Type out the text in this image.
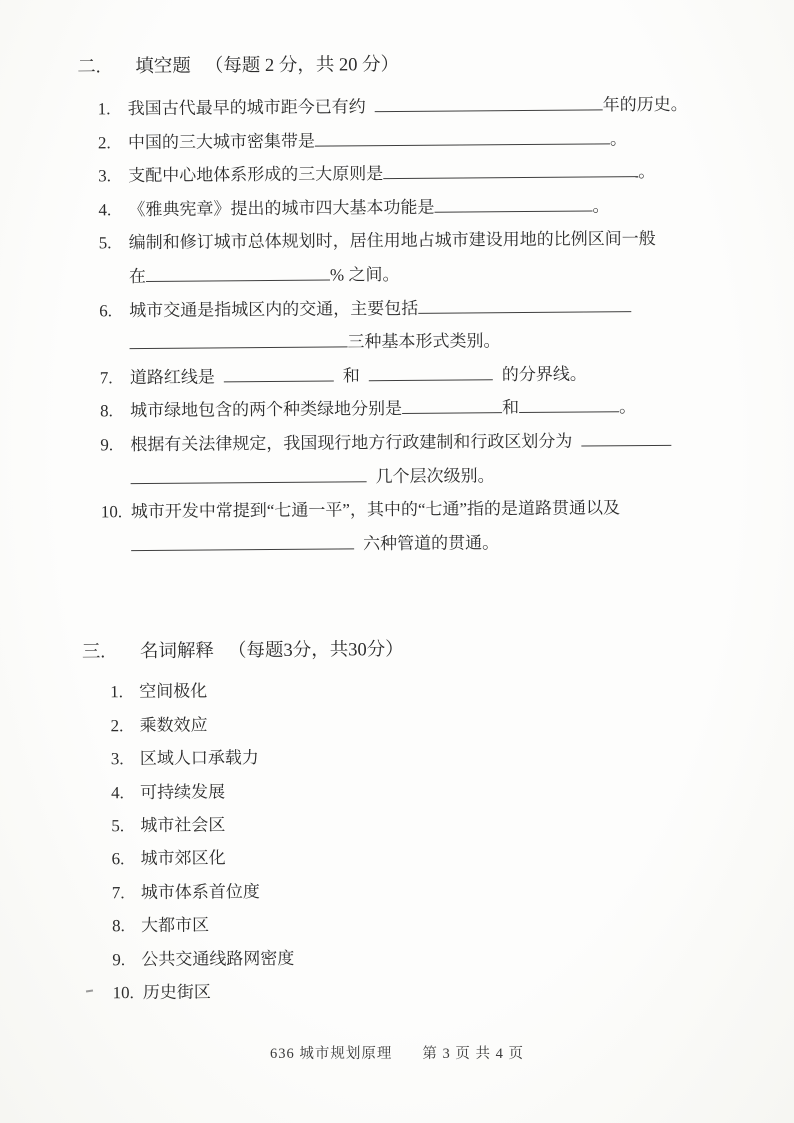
二.	填空题 （每题 2 分，共 20 分）
1.	我国古代最早的城市距今已有约	年的历史。
2.	中国的三大城市密集带是	。
3.	支配中心地体系形成的三大原则是	。
4.	《雅典宪章》提出的城市四大基本功能是	。
5.	编制和修订城市总体规划时，居住用地占城市建设用地的比例区间一般
在	% 之间。
6.	城市交通是指城区内的交通，主要包括
三种基本形式类别。
7.	道路红线是	和	的分界线。
8.	城市绿地包含的两个种类绿地分别是	和	。
9.	根据有关法律规定，我国现行地方行政建制和行政区划分为
几个层次级别。
10. 城市开发中常提到“七通一平”，其中的“七通”指的是道路贯通以及
六种管道的贯通。
三.	名词解释 （每题3分，共30分）
1. 空间极化
2. 乘数效应
3. 区域人口承载力
4. 可持续发展
5. 城市社会区
6. 城市郊区化
7. 城市体系首位度
8. 大都市区
9. 公共交通线路网密度
10. 历史街区
636 城市规划原理 第 3 页 共 4 页
